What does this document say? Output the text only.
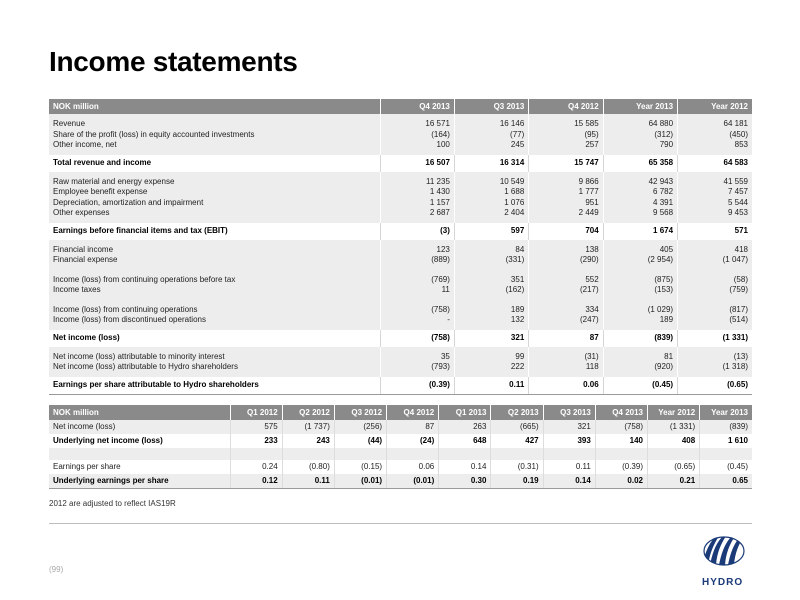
Income statements
NOK million	Q4 2013	Q3 2013	Q4 2012	Year 2013	Year 2012
Revenue	16 571	16 146	15 585	64 880	64 181
Share of the profit (loss) in equity accounted investments	(164)	(77)	(95)	(312)	(450)
Other income, net	100	245	257	790	853
Total revenue and income	16 507	16 314	15 747	65 358	64 583
Raw material and energy expense	11 235	10 549	9 866	42 943	41 559
Employee benefit expense	1 430	1 688	1 777	6 782	7 457
Depreciation, amortization and impairment	1 157	1 076	951	4 391	5 544
Other expenses	2 687	2 404	2 449	9 568	9 453
Earnings before financial items and tax (EBIT)	(3)	597	704	1 674	571
Financial income	123	84	138	405	418
Financial expense	(889)	(331)	(290)	(2 954)	(1 047)
Income (loss) from continuing operations before tax	(769)	351	552	(875)	(58)
Income taxes	11	(162)	(217)	(153)	(759)
Income (loss) from continuing operations	(758)	189	334	(1 029)	(817)
Income (loss) from discontinued operations	-	132	(247)	189	(514)
Net income (loss)	(758)	321	87	(839)	(1 331)
Net income (loss) attributable to minority interest	35	99	(31)	81	(13)
Net income (loss) attributable to Hydro shareholders	(793)	222	118	(920)	(1 318)
Earnings per share attributable to Hydro shareholders	(0.39)	0.11	0.06	(0.45)	(0.65)
NOK million	Q1 2012	Q2 2012	Q3 2012	Q4 2012	Q1 2013	Q2 2013	Q3 2013	Q4 2013	Year 2012	Year 2013
Net income (loss)	575	(1 737)	(256)	87	263	(665)	321	(758)	(1 331)	(839)
Underlying net income (loss)	233	243	(44)	(24)	648	427	393	140	408	1 610

Earnings per share	0.24	(0.80)	(0.15)	0.06	0.14	(0.31)	0.11	(0.39)	(0.65)	(0.45)
Underlying earnings per share	0.12	0.11	(0.01)	(0.01)	0.30	0.19	0.14	0.02	0.21	0.65
2012 are adjusted to reflect IAS19R
(99)
HYDRO
